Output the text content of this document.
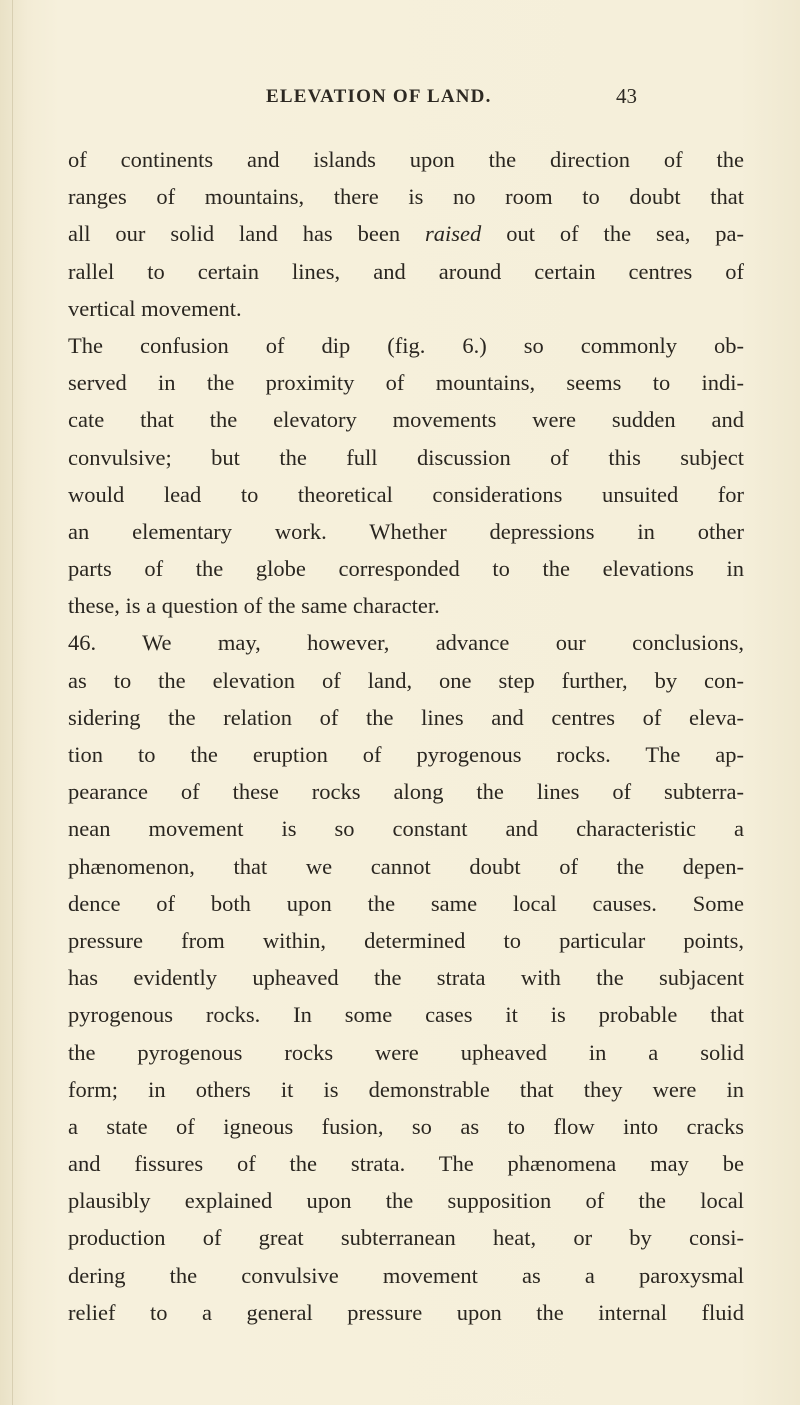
ELEVATION OF LAND.	43
of continents and islands upon the direction of the
ranges of mountains, there is no room to doubt that
all our solid land has been raised out of the sea, pa-
rallel to certain lines, and around certain centres of
vertical movement.
The confusion of dip (fig. 6.) so commonly ob-
served in the proximity of mountains, seems to indi-
cate that the elevatory movements were sudden and
convulsive; but the full discussion of this subject
would lead to theoretical considerations unsuited for
an elementary work. Whether depressions in other
parts of the globe corresponded to the elevations in
these, is a question of the same character.
46. We may, however, advance our conclusions,
as to the elevation of land, one step further, by con-
sidering the relation of the lines and centres of eleva-
tion to the eruption of pyrogenous rocks. The ap-
pearance of these rocks along the lines of subterra-
nean movement is so constant and characteristic a
phænomenon, that we cannot doubt of the depen-
dence of both upon the same local causes. Some
pressure from within, determined to particular points,
has evidently upheaved the strata with the subjacent
pyrogenous rocks. In some cases it is probable that
the pyrogenous rocks were upheaved in a solid
form; in others it is demonstrable that they were in
a state of igneous fusion, so as to flow into cracks
and fissures of the strata. The phænomena may be
plausibly explained upon the supposition of the local
production of great subterranean heat, or by consi-
dering the convulsive movement as a paroxysmal
relief to a general pressure upon the internal fluid
